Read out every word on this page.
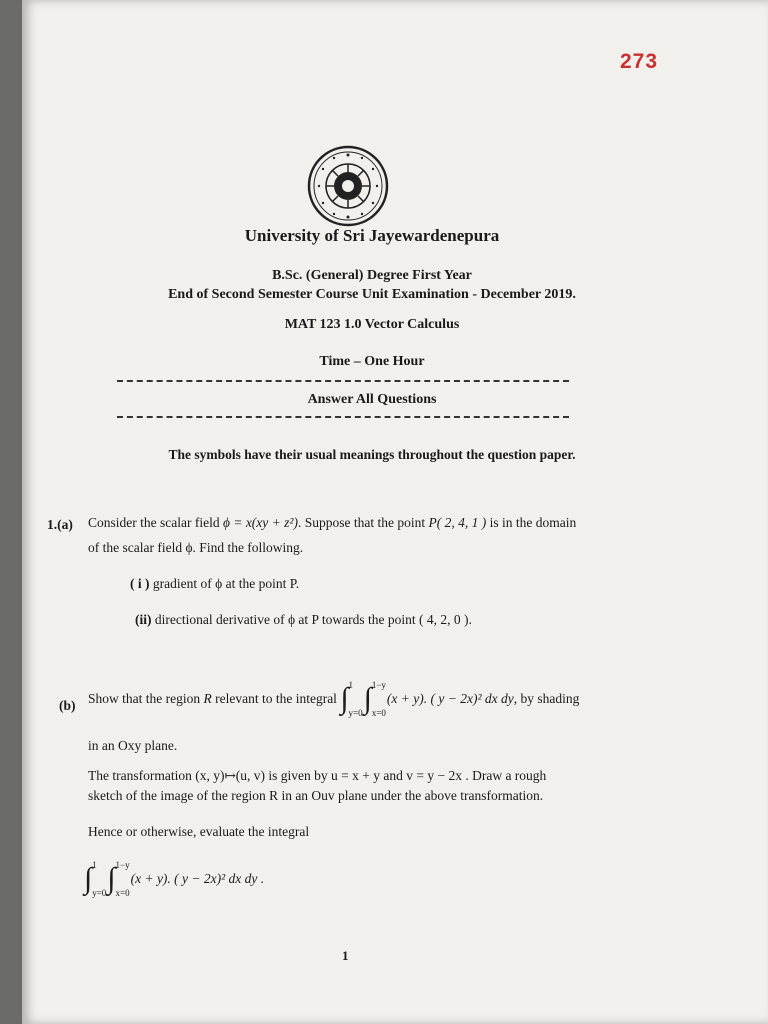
273
University of Sri Jayewardenepura
B.Sc. (General) Degree First Year
End of Second Semester Course Unit Examination - December 2019.
MAT 123 1.0 Vector Calculus
Time – One Hour
Answer All Questions
The symbols have their usual meanings throughout the question paper.
1.(a) Consider the scalar field ϕ = x(xy + z²). Suppose that the point P( 2, 4, 1 ) is in the domain
of the scalar field ϕ. Find the following.
( i ) gradient of ϕ at the point P.
(ii) directional derivative of ϕ at P towards the point ( 4, 2, 0 ).
(b) Show that the region
R
relevant to the integral
∫ 1
y=0 ∫ 1−y
x=0
(x + y). ( y − 2x)² dx dy , by shading
in an Oxy plane.
The transformation (x, y)↦(u, v) is given by u = x + y and v = y − 2x . Draw a rough
sketch of the image of the region R in an Ouv plane under the above transformation.
Hence or otherwise, evaluate the integral
∫ 1
y=0 ∫ 1−y
x=0
(x + y). ( y − 2x)² dx dy .
1
